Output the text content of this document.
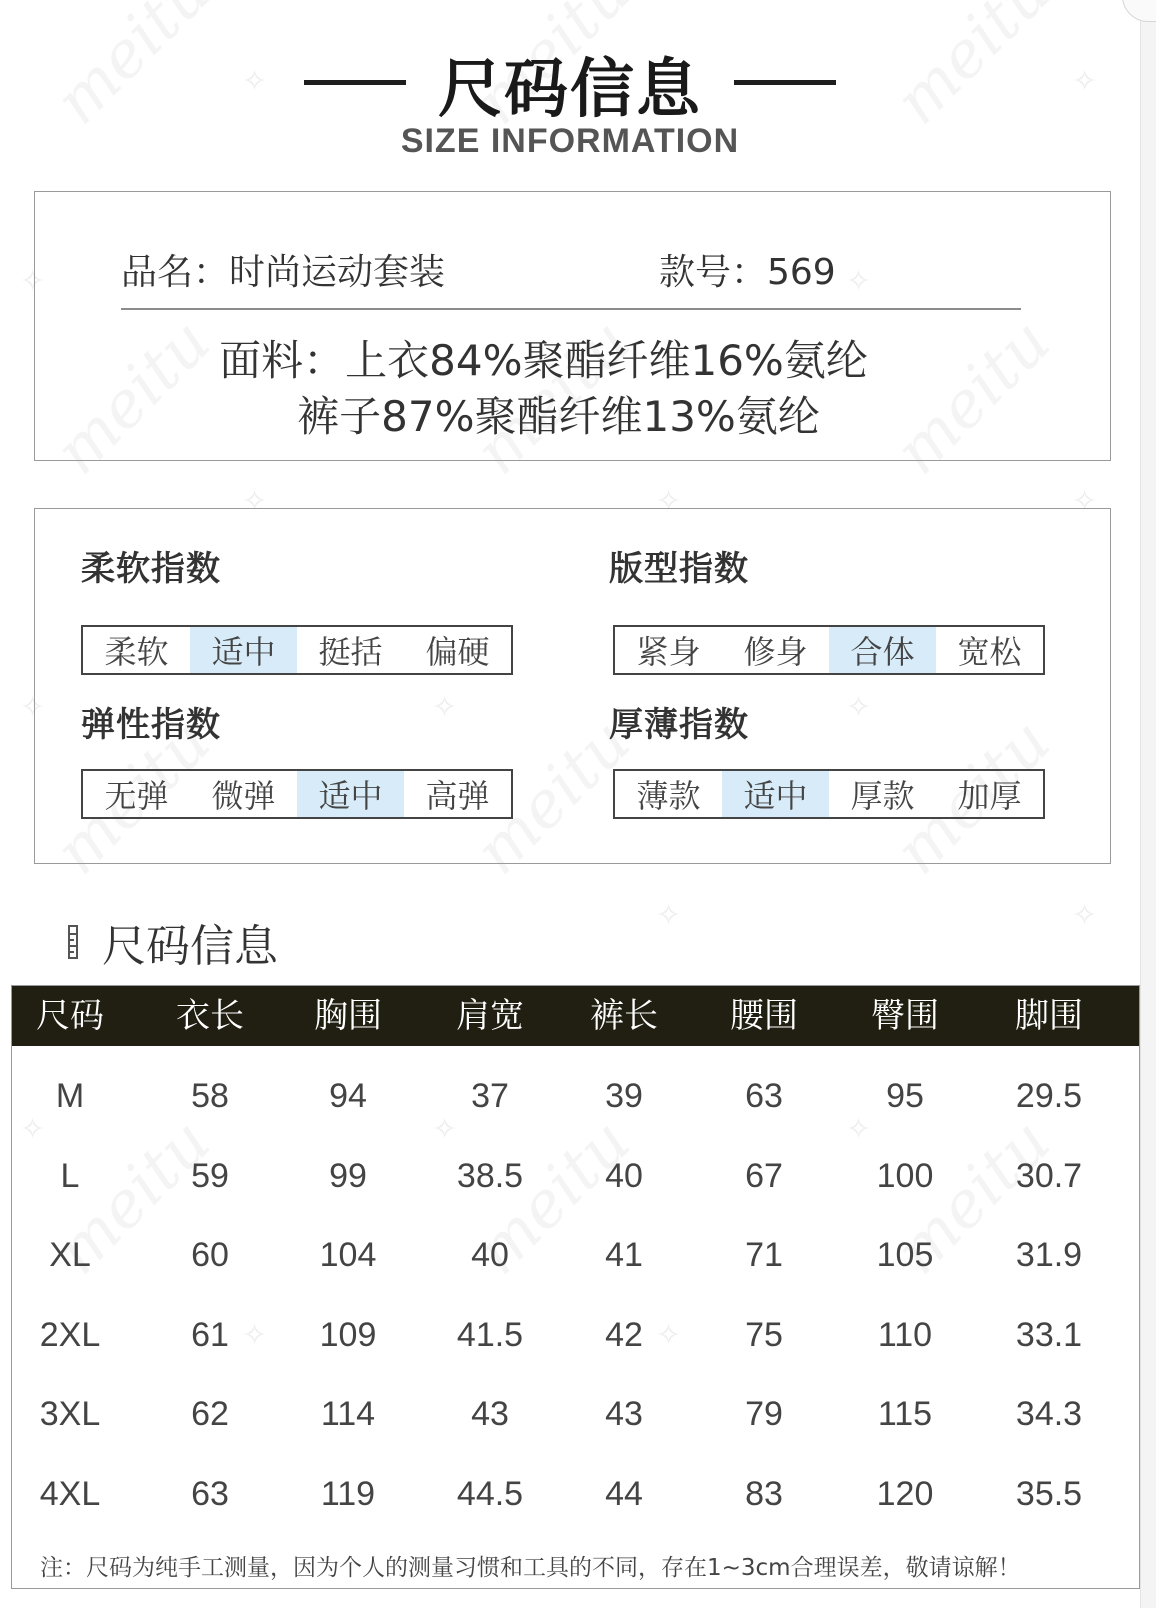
✧	✧
✧	✧
✧	✧	✧
✧	✧	✧
✧	✧
✧	✧	✧
✧	✧
尺码信息
SIZE INFORMATION
品名：时尚运动套装	款号：569
面料：上衣84%聚酯纤维16%氨纶
裤子87%聚酯纤维13%氨纶
柔软指数
柔软	适中	挺括	偏硬
版型指数
紧身	修身	合体	宽松
弹性指数
无弹	微弹	适中	高弹
厚薄指数
薄款	适中	厚款	加厚
尺码信息
尺码	衣长	胸围	肩宽	裤长	腰围	臀围	脚围
M	58	94	37	39	63	95	29.5
L	59	99	38.5	40	67	100	30.7
XL	60	104	40	41	71	105	31.9
2XL	61	109	41.5	42	75	110	33.1
3XL	62	114	43	43	79	115	34.3
4XL	63	119	44.5	44	83	120	35.5
注：尺码为纯手工测量，因为个人的测量习惯和工具的不同，存在1~3cm合理误差，敬请谅解！
